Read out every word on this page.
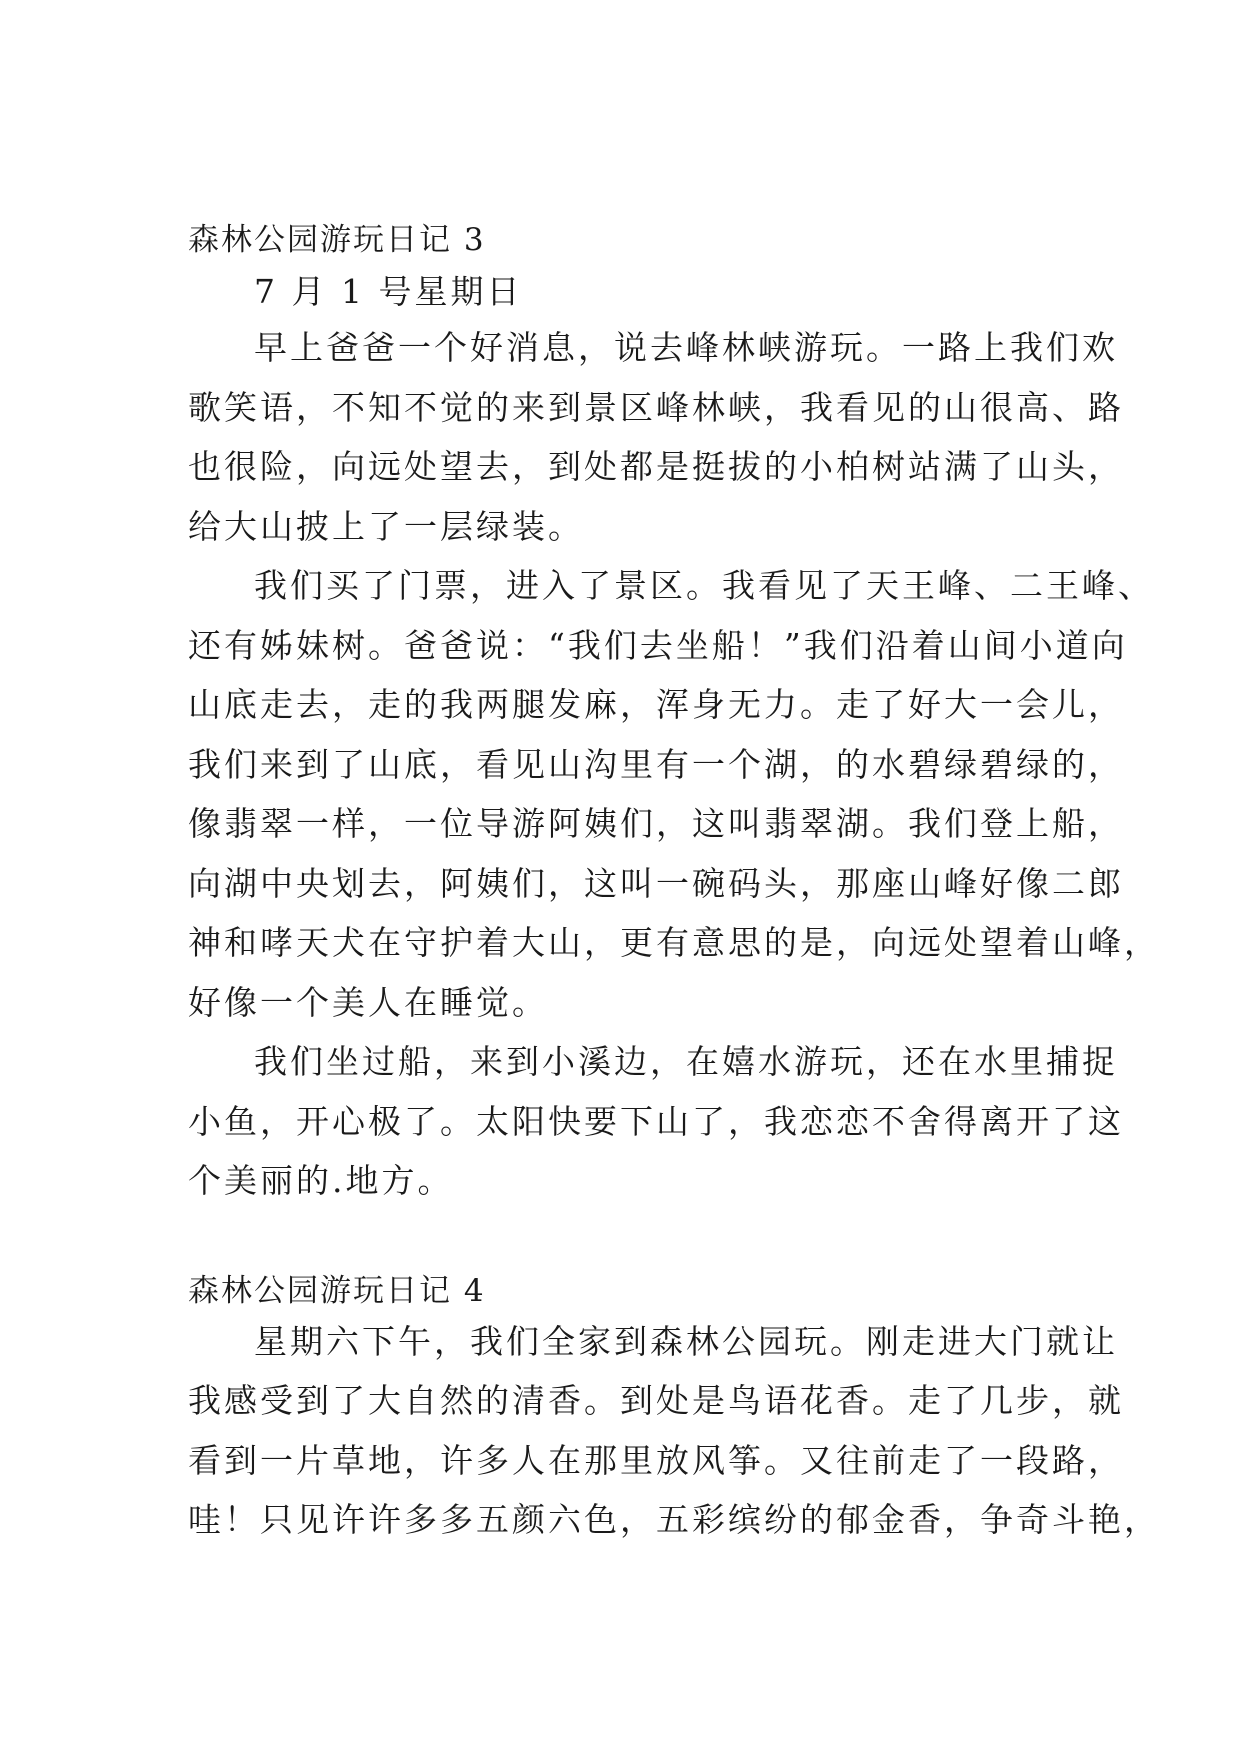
森林公园游玩日记 3

7 月 1 号星期日

早上爸爸一个好消息，说去峰林峡游玩。一路上我们欢

歌笑语，不知不觉的来到景区峰林峡，我看见的山很高、路

也很险，向远处望去，到处都是挺拔的小柏树站满了山头，

给大山披上了一层绿装。

我们买了门票，进入了景区。我看见了天王峰、二王峰、

还有姊妹树。爸爸说：“我们去坐船！”我们沿着山间小道向

山底走去，走的我两腿发麻，浑身无力。走了好大一会儿，

我们来到了山底，看见山沟里有一个湖，的水碧绿碧绿的，

像翡翠一样，一位导游阿姨们，这叫翡翠湖。我们登上船，

向湖中央划去，阿姨们，这叫一碗码头，那座山峰好像二郎

神和哮天犬在守护着大山，更有意思的是，向远处望着山峰，

好像一个美人在睡觉。

我们坐过船，来到小溪边，在嬉水游玩，还在水里捕捉

小鱼，开心极了。太阳快要下山了，我恋恋不舍得离开了这

个美丽的.地方。

森林公园游玩日记 4

星期六下午，我们全家到森林公园玩。刚走进大门就让

我感受到了大自然的清香。到处是鸟语花香。走了几步，就

看到一片草地，许多人在那里放风筝。又往前走了一段路，

哇！只见许许多多五颜六色，五彩缤纷的郁金香，争奇斗艳，
